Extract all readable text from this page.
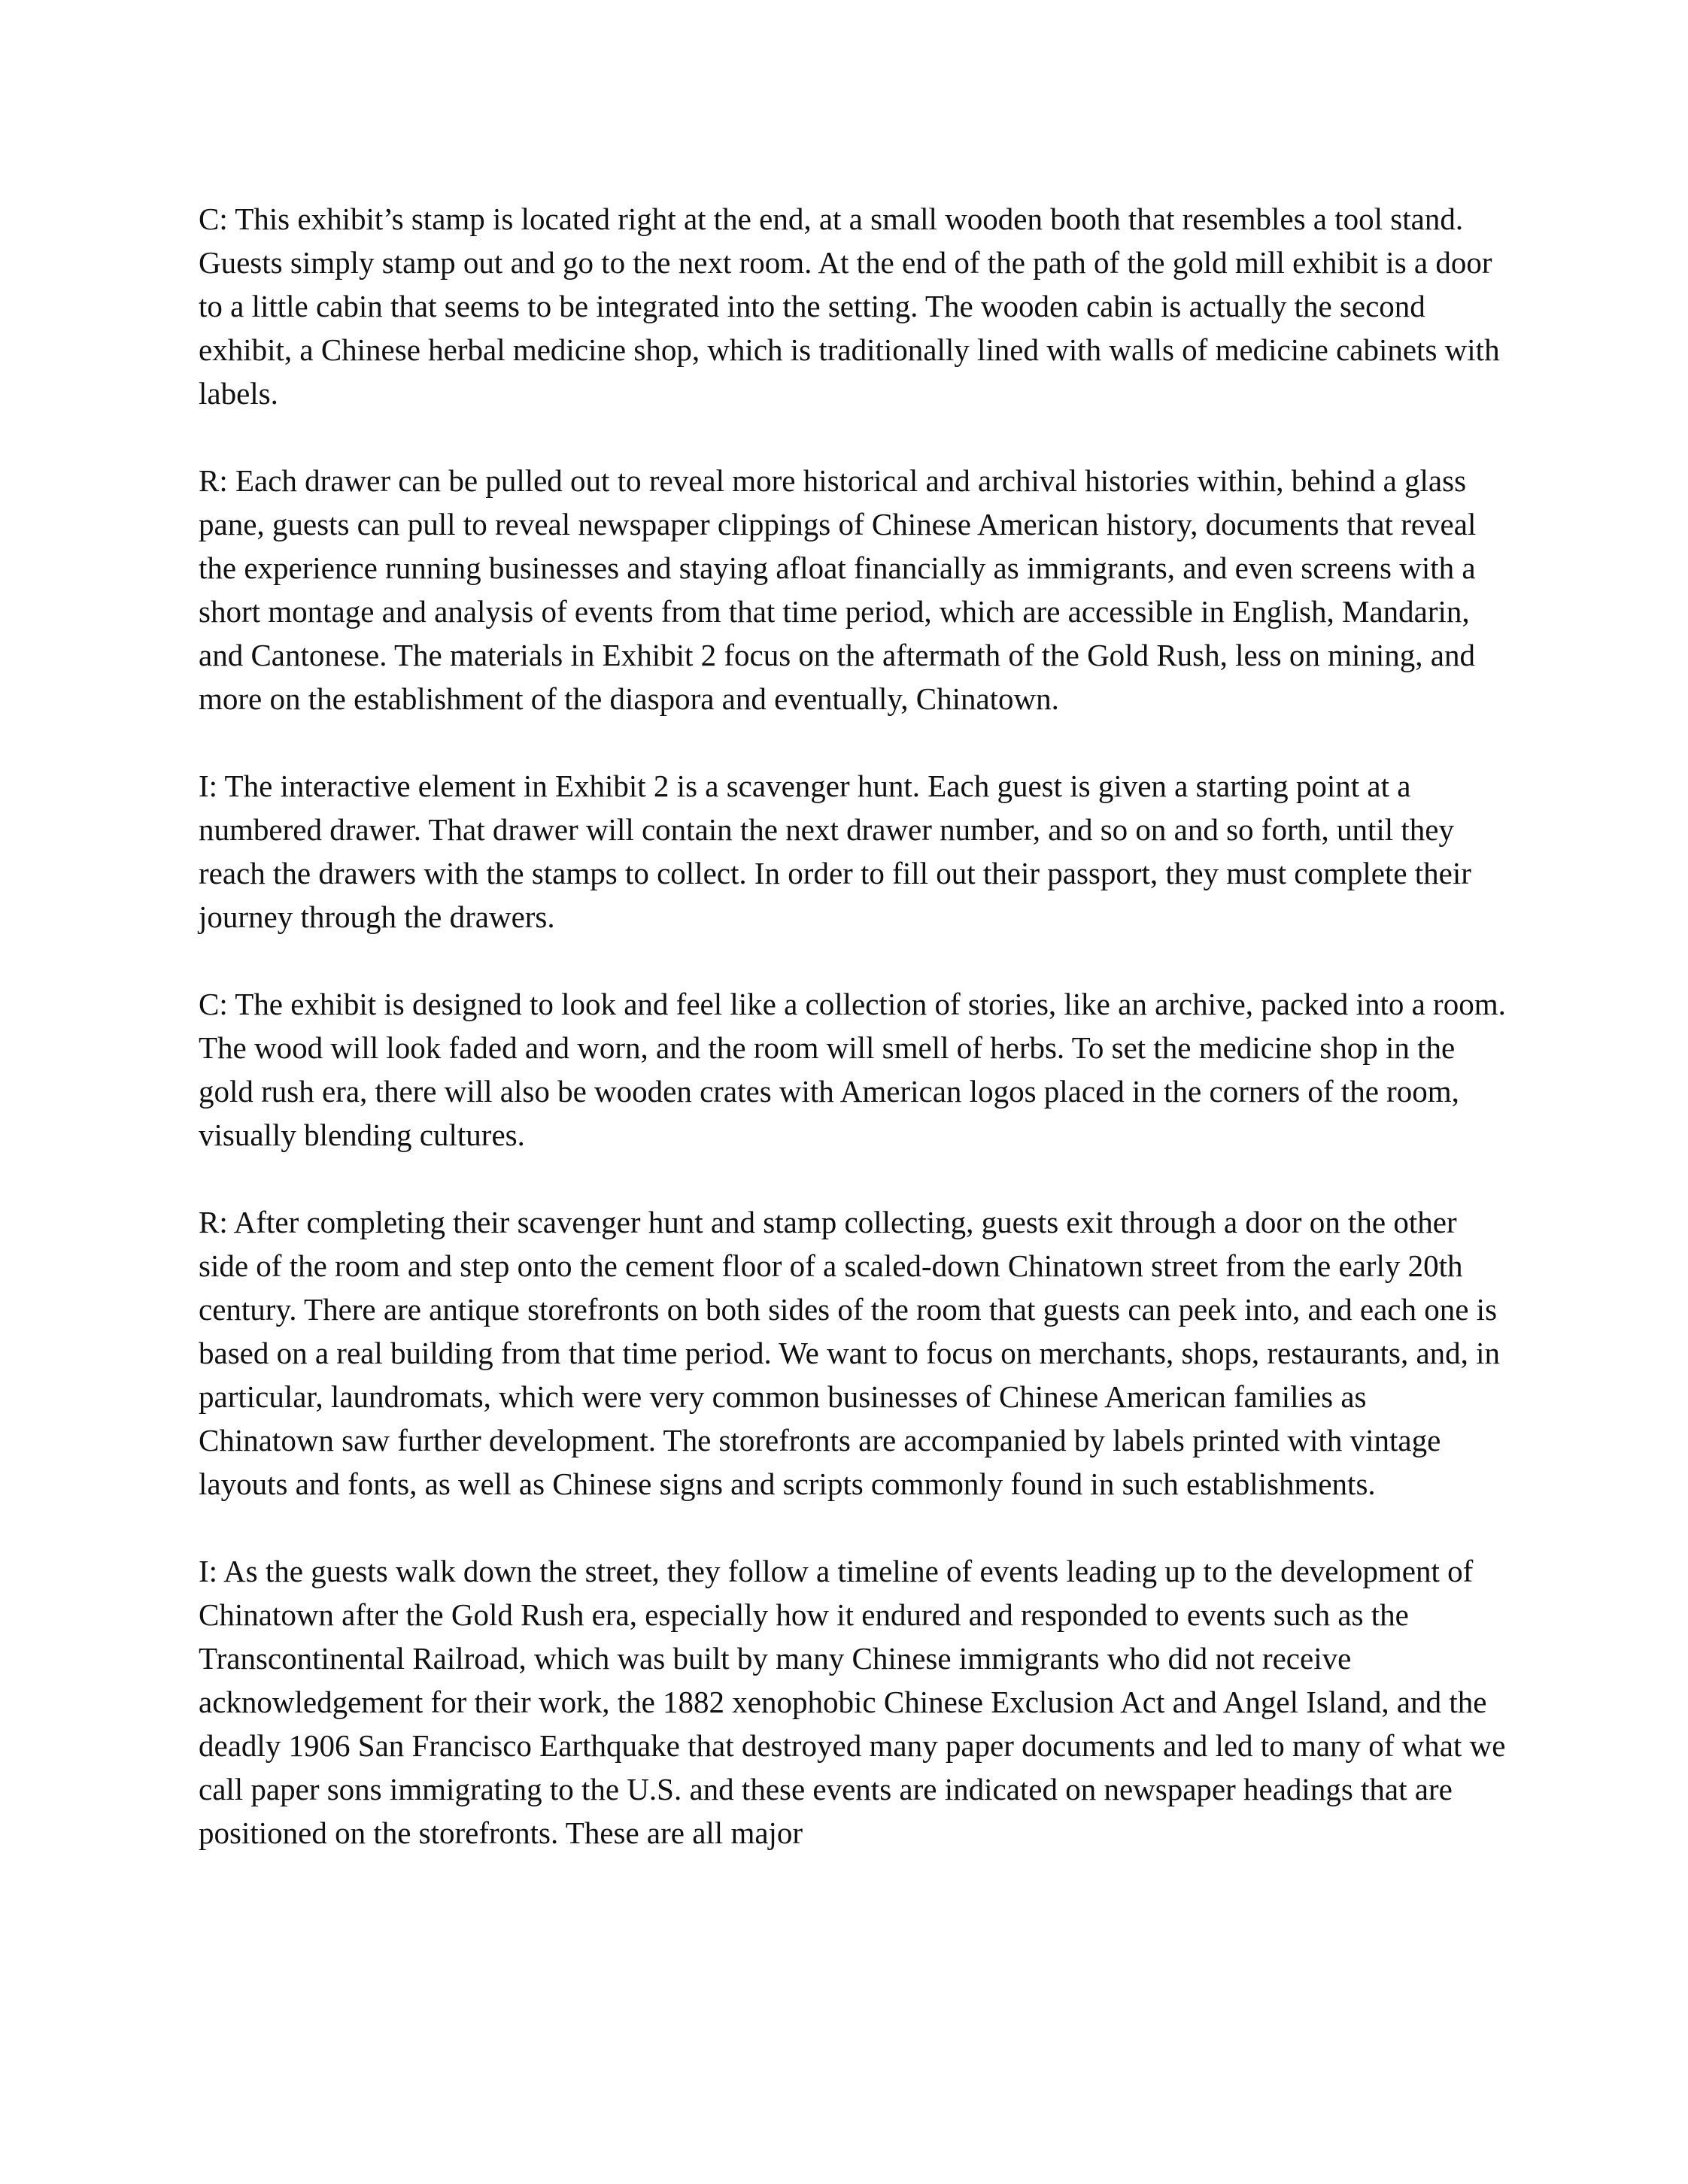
C: This exhibit’s stamp is located right at the end, at a small wooden booth that resembles a tool stand. Guests simply stamp out and go to the next room. At the end of the path of the gold mill exhibit is a door to a little cabin that seems to be integrated into the setting. The wooden cabin is actually the second exhibit, a Chinese herbal medicine shop, which is traditionally lined with walls of medicine cabinets with labels.

R: Each drawer can be pulled out to reveal more historical and archival histories within, behind a glass pane, guests can pull to reveal newspaper clippings of Chinese American history, documents that reveal the experience running businesses and staying afloat financially as immigrants, and even screens with a short montage and analysis of events from that time period, which are accessible in English, Mandarin, and Cantonese. The materials in Exhibit 2 focus on the aftermath of the Gold Rush, less on mining, and more on the establishment of the diaspora and eventually, Chinatown.

I: The interactive element in Exhibit 2 is a scavenger hunt. Each guest is given a starting point at a numbered drawer. That drawer will contain the next drawer number, and so on and so forth, until they reach the drawers with the stamps to collect. In order to fill out their passport, they must complete their journey through the drawers.

C: The exhibit is designed to look and feel like a collection of stories, like an archive, packed into a room. The wood will look faded and worn, and the room will smell of herbs. To set the medicine shop in the gold rush era, there will also be wooden crates with American logos placed in the corners of the room, visually blending cultures.

R: After completing their scavenger hunt and stamp collecting, guests exit through a door on the other side of the room and step onto the cement floor of a scaled-down Chinatown street from the early 20th century. There are antique storefronts on both sides of the room that guests can peek into, and each one is based on a real building from that time period. We want to focus on merchants, shops, restaurants, and, in particular, laundromats, which were very common businesses of Chinese American families as Chinatown saw further development. The storefronts are accompanied by labels printed with vintage layouts and fonts, as well as Chinese signs and scripts commonly found in such establishments.

I: As the guests walk down the street, they follow a timeline of events leading up to the development of Chinatown after the Gold Rush era, especially how it endured and responded to events such as the Transcontinental Railroad, which was built by many Chinese immigrants who did not receive acknowledgement for their work, the 1882 xenophobic Chinese Exclusion Act and Angel Island, and the deadly 1906 San Francisco Earthquake that destroyed many paper documents and led to many of what we call paper sons immigrating to the U.S. and these events are indicated on newspaper headings that are positioned on the storefronts. These are all major
